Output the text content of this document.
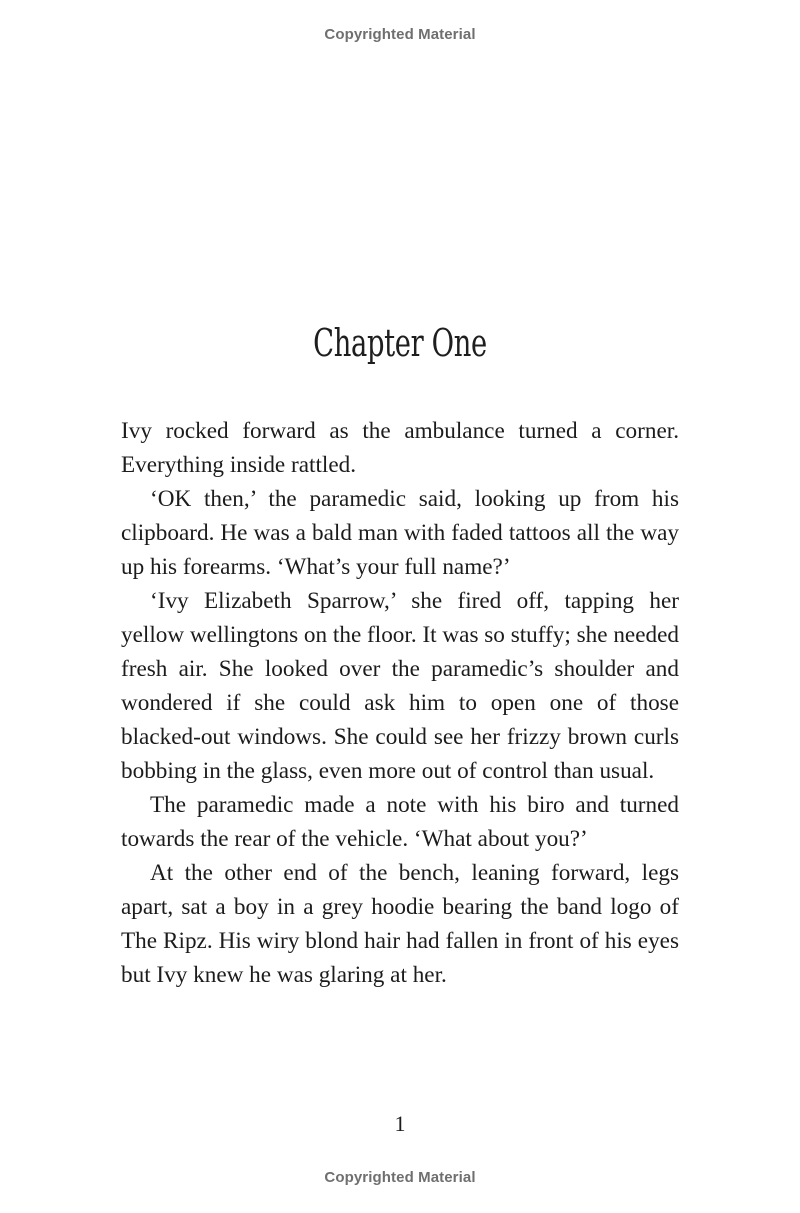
Copyrighted Material
Chapter One

Ivy rocked forward as the ambulance turned a corner. Everything inside rattled.

‘OK then,’ the paramedic said, looking up from his clipboard. He was a bald man with faded tattoos all the way up his forearms. ‘What’s your full name?’

‘Ivy Elizabeth Sparrow,’ she fired off, tapping her yellow wellingtons on the floor. It was so stuffy; she needed fresh air. She looked over the paramedic’s shoulder and wondered if she could ask him to open one of those blacked-out windows. She could see her frizzy brown curls bobbing in the glass, even more out of control than usual.

The paramedic made a note with his biro and turned towards the rear of the vehicle. ‘What about you?’

At the other end of the bench, leaning forward, legs apart, sat a boy in a grey hoodie bearing the band logo of The Ripz. His wiry blond hair had fallen in front of his eyes but Ivy knew he was glaring at her.

1
Copyrighted Material
